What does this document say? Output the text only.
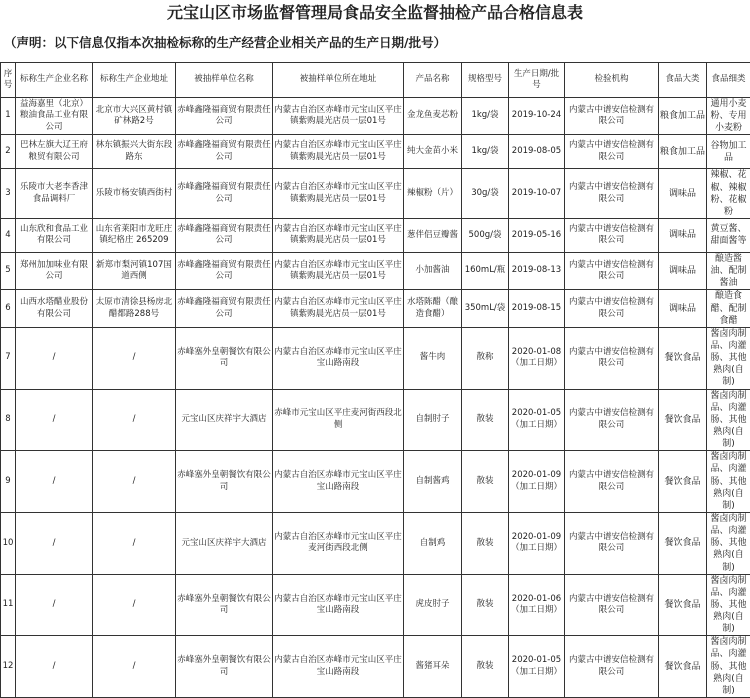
元宝山区市场监督管理局食品安全监督抽检产品合格信息表
（声明：以下信息仅指本次抽检标称的生产经营企业相关产品的生产日期/批号）
序号	标称生产企业名称	标称生产企业地址	被抽样单位名称	被抽样单位所在地址	产品名称	规格型号	生产日期/批号	检验机构	食品大类	食品细类
1	益海嘉里（北京）粮油食品工业有限公司	北京市大兴区黄村镇矿林路2号	赤峰鑫隆福商贸有限责任公司	内蒙古自治区赤峰市元宝山区平庄镇紫购晨光店员一层01号	金龙鱼麦芯粉	1kg/袋	2019-10-24	内蒙古中谱安信检测有限公司	粮食加工品	通用小麦粉、专用小麦粉
2	巴林左旗大辽王府粮贸有限公司	林东镇振兴大街东段路东	赤峰鑫隆福商贸有限责任公司	内蒙古自治区赤峰市元宝山区平庄镇紫购晨光店员一层01号	纯大金苗小米	1kg/袋	2019-08-05	内蒙古中谱安信检测有限公司	粮食加工品	谷物加工品
3	乐陵市大老李香津食品调料厂	乐陵市杨安镇西街村	赤峰鑫隆福商贸有限责任公司	内蒙古自治区赤峰市元宝山区平庄镇紫购晨光店员一层01号	辣椒粉（片）	30g/袋	2019-10-07	内蒙古中谱安信检测有限公司	调味品	辣椒、花椒、辣椒粉、花椒粉
4	山东欣和食品工业有限公司	山东省莱阳市龙旺庄镇纪格庄 265209	赤峰鑫隆福商贸有限责任公司	内蒙古自治区赤峰市元宝山区平庄镇紫购晨光店员一层01号	葱伴侣豆瓣酱	500g/袋	2019-05-16	内蒙古中谱安信检测有限公司	调味品	黄豆酱、甜面酱等
5	郑州加加味业有限公司	新郑市梨河镇107国道西侧	赤峰鑫隆福商贸有限责任公司	内蒙古自治区赤峰市元宝山区平庄镇紫购晨光店员一层01号	小加酱油	160mL/瓶	2019-08-13	内蒙古中谱安信检测有限公司	调味品	酿造酱油、配制酱油
6	山西水塔醋业股份有限公司	太原市清徐县杨房北醋都路288号	赤峰鑫隆福商贸有限责任公司	内蒙古自治区赤峰市元宝山区平庄镇紫购晨光店员一层01号	水塔陈醋（酿造食醋）	350mL/袋	2019-08-15	内蒙古中谱安信检测有限公司	调味品	酿造食醋、配制食醋
7	/	/	赤峰塞外皇朝餐饮有限公司	内蒙古自治区赤峰市元宝山区平庄宝山路南段	酱牛肉	散称	2020-01-08（加工日期）	内蒙古中谱安信检测有限公司	餐饮食品	酱卤肉制品、肉灌肠、其他熟肉(自制)
8	/	/	元宝山区庆祥宇大酒店	赤峰市元宝山区平庄麦河街西段北侧	自制肘子	散装	2020-01-05（加工日期）	内蒙古中谱安信检测有限公司	餐饮食品	酱卤肉制品、肉灌肠、其他熟肉(自制)
9	/	/	赤峰塞外皇朝餐饮有限公司	内蒙古自治区赤峰市元宝山区平庄宝山路南段	自制酱鸡	散装	2020-01-09（加工日期）	内蒙古中谱安信检测有限公司	餐饮食品	酱卤肉制品、肉灌肠、其他熟肉(自制)
10	/	/	元宝山区庆祥宇大酒店	内蒙古自治区赤峰市元宝山区平庄麦河街西段北侧	自制鸡	散装	2020-01-09（加工日期）	内蒙古中谱安信检测有限公司	餐饮食品	酱卤肉制品、肉灌肠、其他熟肉(自制)
11	/	/	赤峰塞外皇朝餐饮有限公司	内蒙古自治区赤峰市元宝山区平庄宝山路南段	虎皮肘子	散装	2020-01-06（加工日期）	内蒙古中谱安信检测有限公司	餐饮食品	酱卤肉制品、肉灌肠、其他熟肉(自制)
12	/	/	赤峰塞外皇朝餐饮有限公司	内蒙古自治区赤峰市元宝山区平庄宝山路南段	酱猪耳朵	散装	2020-01-05（加工日期）	内蒙古中谱安信检测有限公司	餐饮食品	酱卤肉制品、肉灌肠、其他熟肉(自制)
